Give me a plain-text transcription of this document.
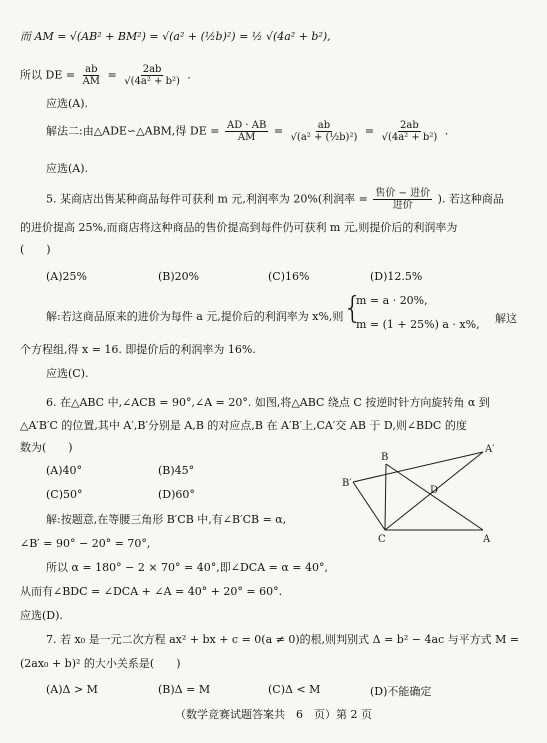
而 AM = √(AB² + BM²) = √(a² + (½b)²) = ½ √(4a² + b²),
所以 DE = $\frac{ab}{AM} = \frac{2ab}{\text{√(4a² + b²)}}$ .
应选(A).
解法二:由△ADE∽△ABM,得 DE = $\frac{AD \cdot AB}{AM} = \frac{ab}{\text{√(a² + (½b)²)}} = \frac{2ab}{\text{√(4a² + b²)}}$ .
应选(A).
5. 某商店出售某种商品每件可获利 m 元,利润率为 20%(利润率 = $\frac{\text{售价 − 进价}}{\text{进价}}$ ). 若这种商品
的进价提高 25%,而商店将这种商品的售价提高到每件仍可获利 m 元,则提价后的利润率为
(　　)
(A)25%	(B)20%	(C)16%	(D)12.5%
解:若这商品原来的进价为每件 a 元,提价后的利润率为 x%,则 {
m = a · 20%,
m = (1 + 25%) a · x%, 解这
个方程组,得 x = 16. 即提价后的利润率为 16%.
应选(C).
6. 在△ABC 中,∠ACB = 90°,∠A = 20°. 如图,将△ABC 绕点 C 按逆时针方向旋转角 α 到
△A′B′C 的位置,其中 A′,B′分别是 A,B 的对应点,B 在 A′B′上,CA′交 AB 于 D,则∠BDC 的度
数为(　　)
(A)40°	(B)45°
(C)50°	(D)60°
解:按题意,在等腰三角形 B′CB 中,有∠B′CB = α,
∠B′ = 90° − 20° = 70°,
所以 α = 180° − 2 × 70° = 40°,即∠DCA = α = 40°,
从而有∠BDC = ∠DCA + ∠A = 40° + 20° = 60°.
应选(D).
B
A′
B′
D
C	A
7. 若 x₀ 是一元二次方程 ax² + bx + c = 0(a ≠ 0)的根,则判别式 Δ = b² − 4ac 与平方式 M =
(2ax₀ + b)² 的大小关系是(　　)
(A)Δ > M	(B)Δ = M	(C)Δ < M	(D)不能确定
（数学竞赛试题答案共　6　页）第 2 页
